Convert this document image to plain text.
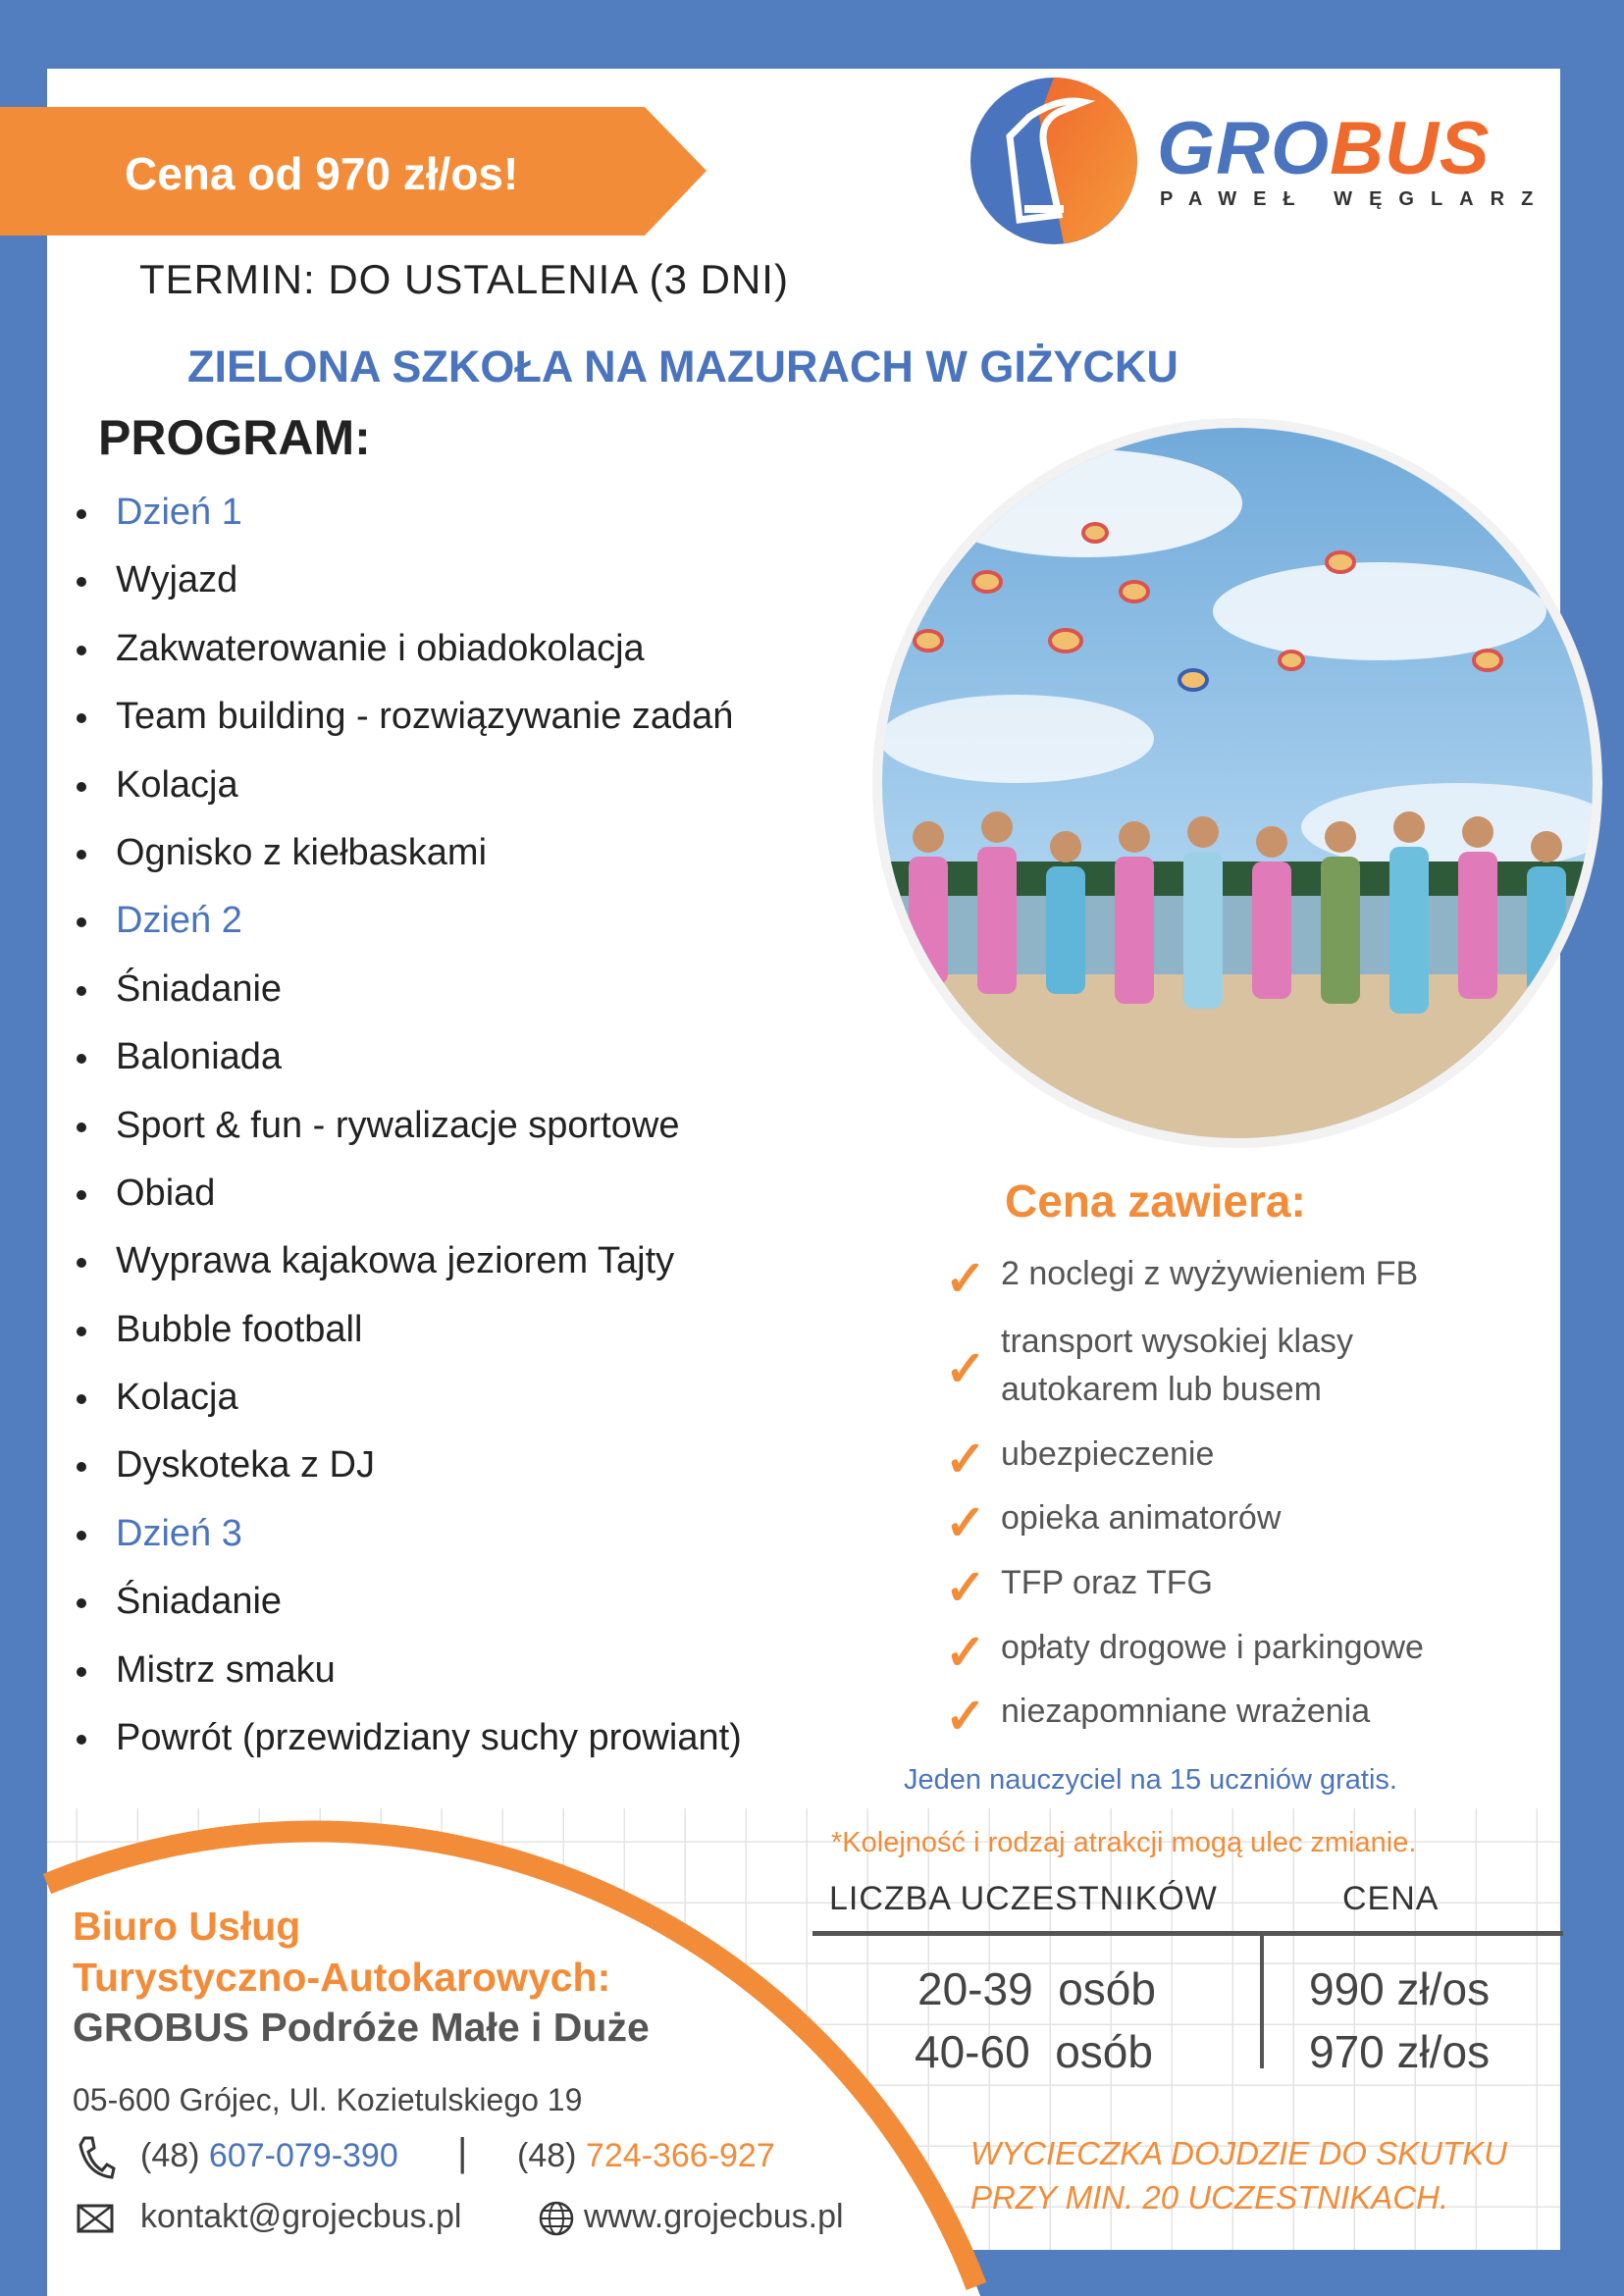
Cena od 970 zł/os!	GROBUS
PAWEŁ WĘGLARZ
TERMIN: DO USTALENIA (3 DNI)
ZIELONA SZKOŁA NA MAZURACH W GIŻYCKU
PROGRAM:
Dzień 1
Wyjazd
Zakwaterowanie i obiadokolacja
Team building - rozwiązywanie zadań
Kolacja
Ognisko z kiełbaskami
Dzień 2
Śniadanie
Baloniada
Sport & fun - rywalizacje sportowe
Obiad
Wyprawa kajakowa jeziorem Tajty
Bubble football
Kolacja
Dyskoteka z DJ
Dzień 3
Śniadanie
Mistrz smaku
Powrót (przewidziany suchy prowiant)
Cena zawiera:
✓ 2 noclegi z wyżywieniem FB
✓ transport wysokiej klasy
autokarem lub busem
✓ ubezpieczenie
✓ opieka animatorów
✓ TFP oraz TFG
✓ opłaty drogowe i parkingowe
✓ niezapomniane wrażenia
Jeden nauczyciel na 15 uczniów gratis.
*Kolejność i rodzaj atrakcji mogą ulec zmianie.
LICZBA UCZESTNIKÓW	CENA
20-39  osób	990 zł/os
40-60  osób	970 zł/os
WYCIECZKA DOJDZIE DO SKUTKU
PRZY MIN. 20 UCZESTNIKACH.
Biuro Usług
Turystyczno-Autokarowych:
GROBUS Podróże Małe i Duże
05-600 Grójec, Ul. Kozietulskiego 19
(48) 607-079-390 | (48) 724-366-927
kontakt@grojecbus.pl	www.grojecbus.pl
